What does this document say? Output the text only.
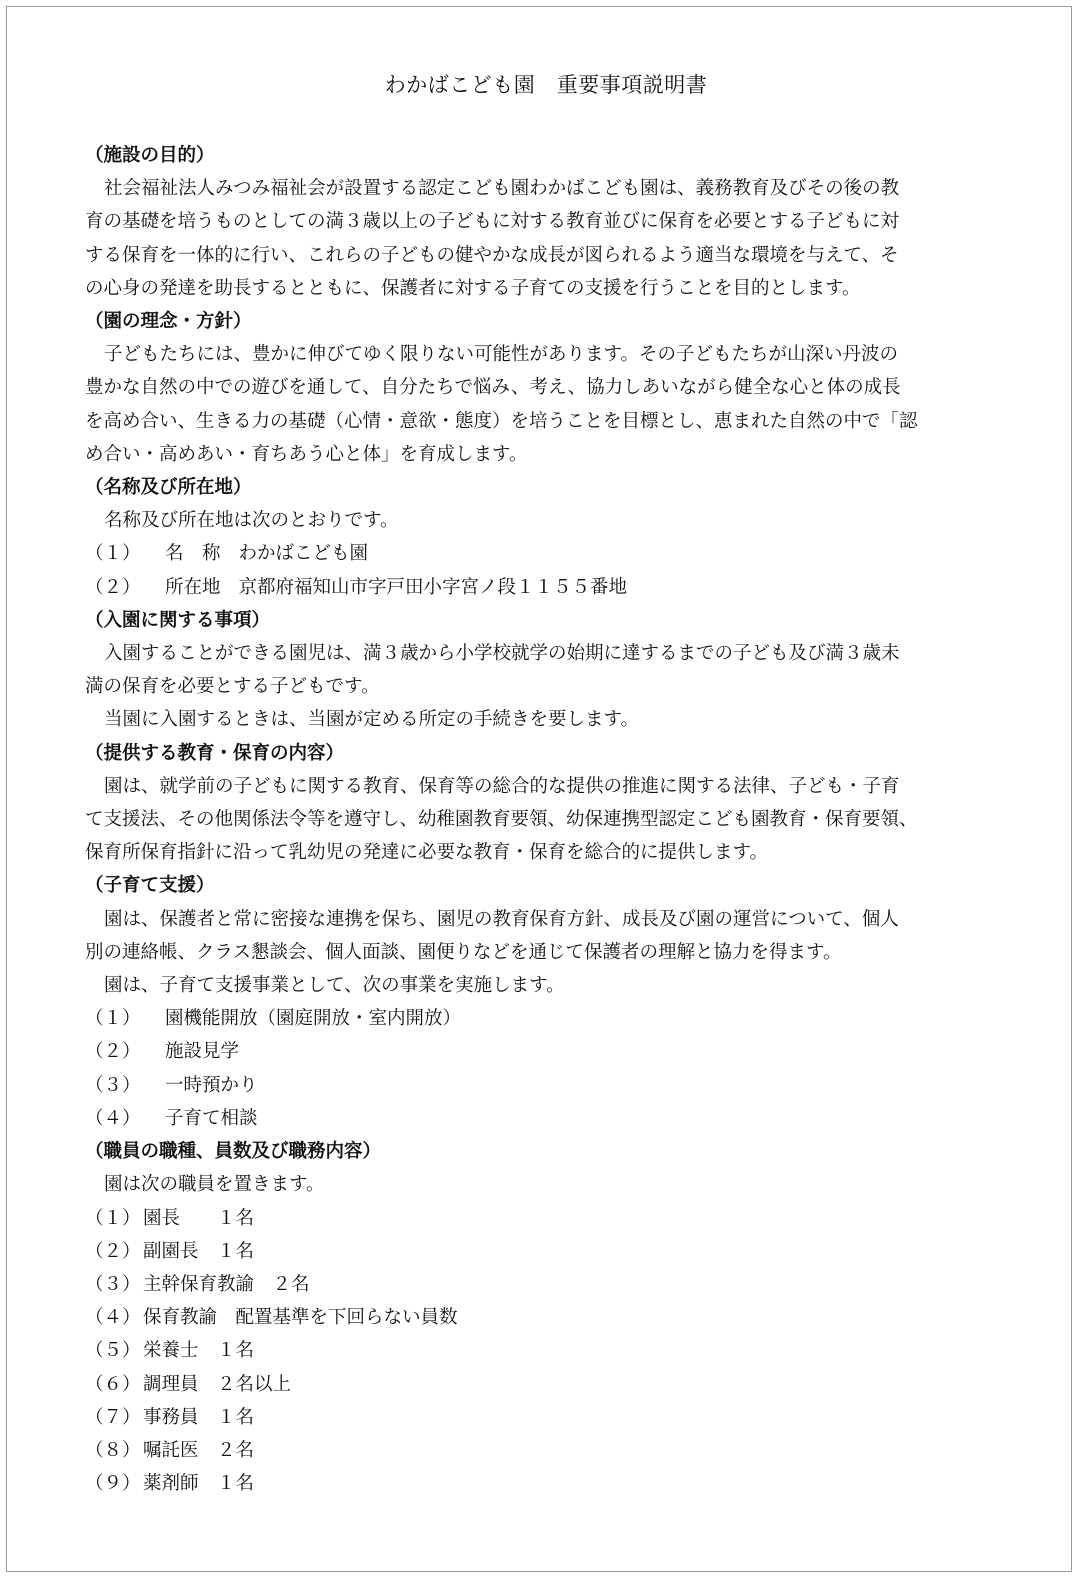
わかばこども園　重要事項説明書
（施設の目的）
社会福祉法人みつみ福祉会が設置する認定こども園わかばこども園は、義務教育及びその後の教
育の基礎を培うものとしての満３歳以上の子どもに対する教育並びに保育を必要とする子どもに対
する保育を一体的に行い、これらの子どもの健やかな成長が図られるよう適当な環境を与えて、そ
の心身の発達を助長するとともに、保護者に対する子育ての支援を行うことを目的とします。
（園の理念・方針）
子どもたちには、豊かに伸びてゆく限りない可能性があります。その子どもたちが山深い丹波の
豊かな自然の中での遊びを通して、自分たちで悩み、考え、協力しあいながら健全な心と体の成長
を高め合い、生きる力の基礎（心情・意欲・態度）を培うことを目標とし、恵まれた自然の中で「認
め合い・高めあい・育ちあう心と体」を育成します。
（名称及び所在地）
名称及び所在地は次のとおりです。
（１）	名　称 わかばこども園
（２）	所在地 京都府福知山市字戸田小字宮ノ段１１５５番地
（入園に関する事項）
入園することができる園児は、満３歳から小学校就学の始期に達するまでの子ども及び満３歳未
満の保育を必要とする子どもです。
当園に入園するときは、当園が定める所定の手続きを要します。
（提供する教育・保育の内容）
園は、就学前の子どもに関する教育、保育等の総合的な提供の推進に関する法律、子ども・子育
て支援法、その他関係法令等を遵守し、幼稚園教育要領、幼保連携型認定こども園教育・保育要領、
保育所保育指針に沿って乳幼児の発達に必要な教育・保育を総合的に提供します。
（子育て支援）
園は、保護者と常に密接な連携を保ち、園児の教育保育方針、成長及び園の運営について、個人
別の連絡帳、クラス懇談会、個人面談、園便りなどを通じて保護者の理解と協力を得ます。
園は、子育て支援事業として、次の事業を実施します。
（１）	園機能開放（園庭開放・室内開放）
（２）	施設見学
（３）	一時預かり
（４）	子育て相談
（職員の職種、員数及び職務内容）
園は次の職員を置きます。
（１） 園長　　１名
（２） 副園長　１名
（３） 主幹保育教諭　２名
（４） 保育教諭　配置基準を下回らない員数
（５） 栄養士　１名
（６） 調理員　２名以上
（７） 事務員　１名
（８） 嘱託医　２名
（９） 薬剤師　１名
